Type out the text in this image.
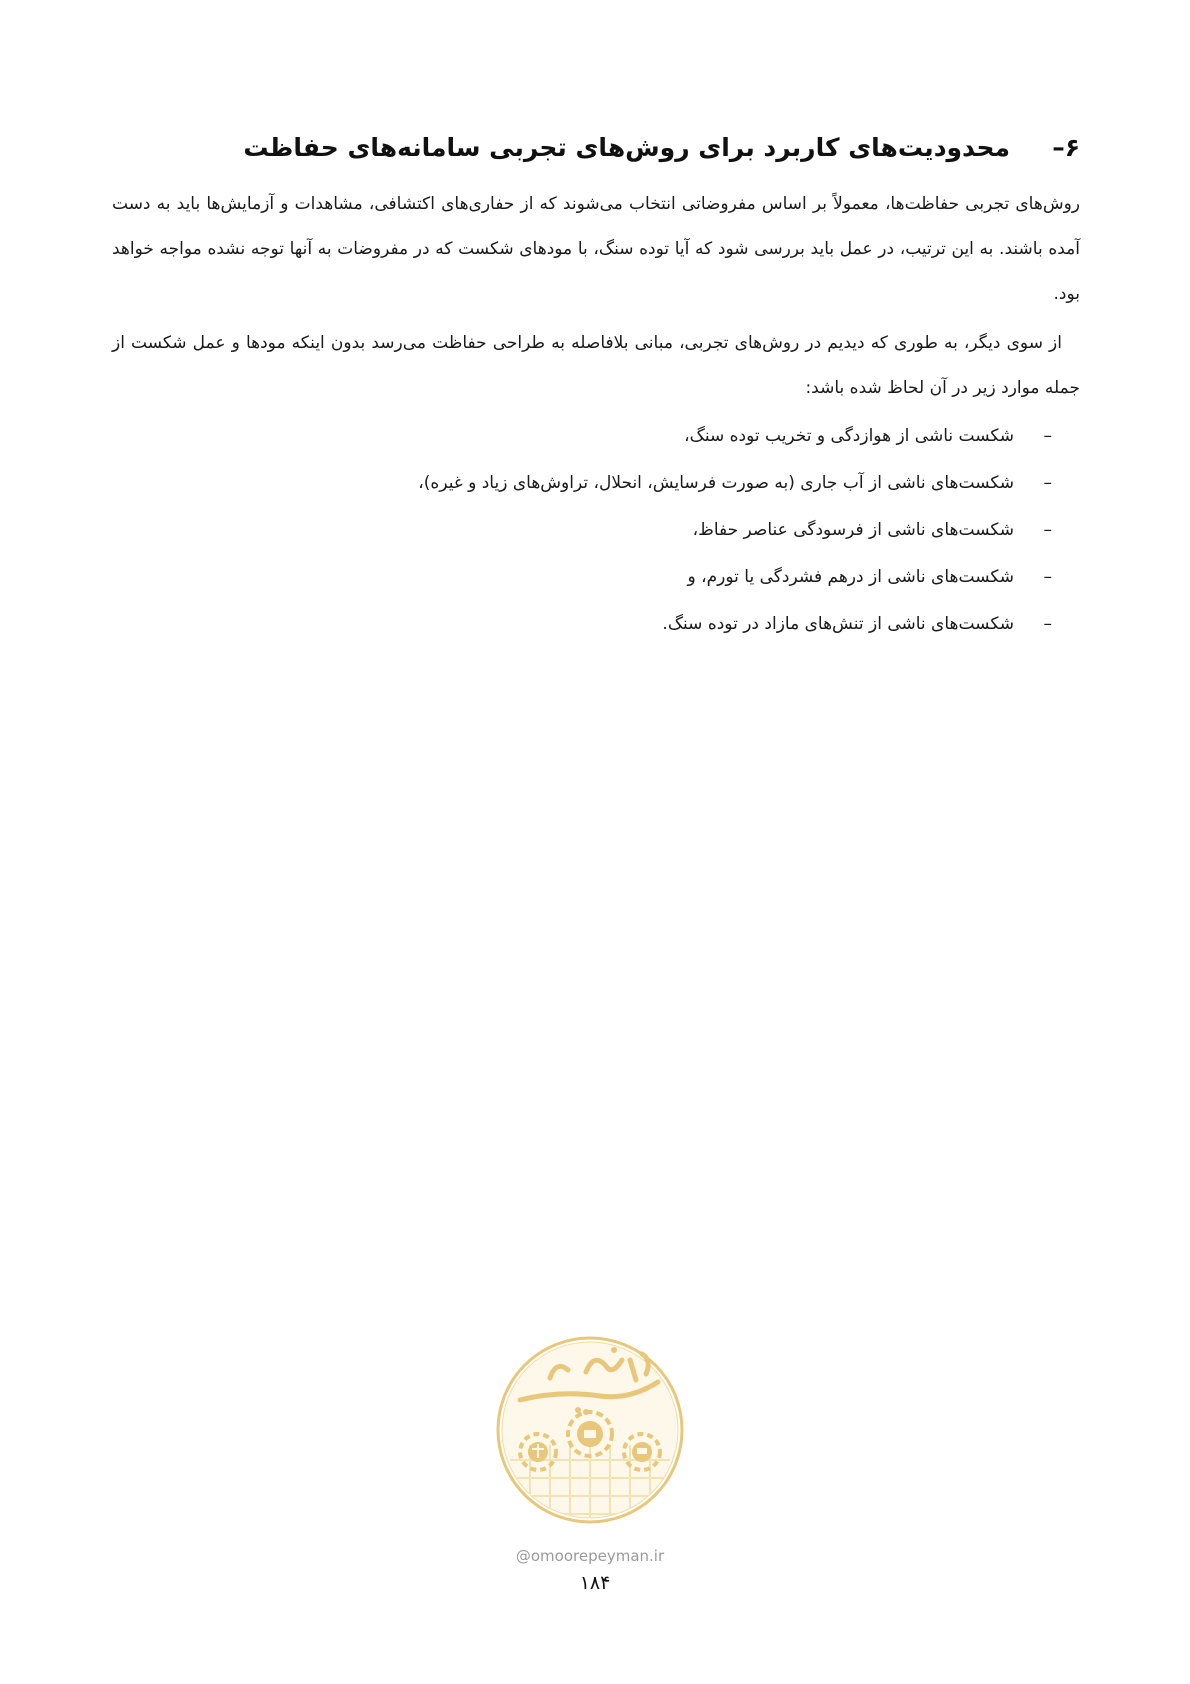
۶–
محدودیت‌های کاربرد برای روش‌های تجربی سامانه‌های حفاظت

روش‌های تجربی حفاظت‌ها، معمولاً بر اساس مفروضاتی انتخاب می‌شوند که از حفاری‌های اکتشافی، مشاهدات و آزمایش‌ها باید به دست آمده باشند. به این ترتیب، در عمل باید بررسی شود که آیا توده سنگ، با مودهای شکست که در مفروضات به آنها توجه نشده مواجه خواهد بود.

از سوی دیگر، به طوری که دیدیم در روش‌های تجربی، مبانی بلافاصله به طراحی حفاظت می‌رسد بدون اینکه مودها و عمل شکست از جمله موارد زیر در آن لحاظ شده باشد:

–
شکست ناشی از هوازدگی و تخریب توده سنگ،
–
شکست‌های ناشی از آب جاری (به صورت فرسایش، انحلال، تراوش‌های زیاد و غیره)،
–
شکست‌های ناشی از فرسودگی عناصر حفاظ،
–
شکست‌های ناشی از درهم فشردگی یا تورم، و
–
شکست‌های ناشی از تنش‌های مازاد در توده سنگ.
@omoorepeyman.ir
۱۸۴
